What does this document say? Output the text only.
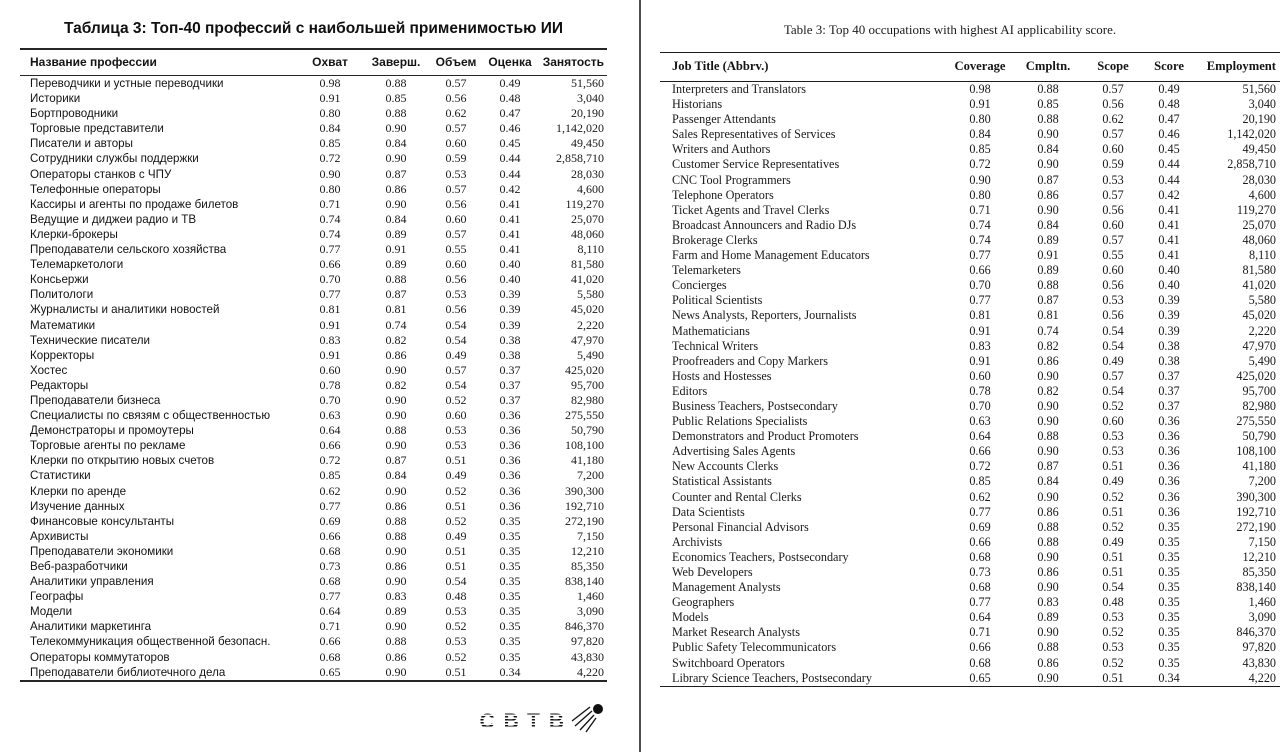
Таблица 3: Топ-40 профессий с наибольшей применимостью ИИ
Название профессии	Охват	Заверш.	Объем	Оценка	Занятость
Переводчики и устные переводчики	0.98	0.88	0.57	0.49	51,560
Историки	0.91	0.85	0.56	0.48	3,040
Бортпроводники	0.80	0.88	0.62	0.47	20,190
Торговые представители	0.84	0.90	0.57	0.46	1,142,020
Писатели и авторы	0.85	0.84	0.60	0.45	49,450
Сотрудники службы поддержки	0.72	0.90	0.59	0.44	2,858,710
Операторы станков с ЧПУ	0.90	0.87	0.53	0.44	28,030
Телефонные операторы	0.80	0.86	0.57	0.42	4,600
Кассиры и агенты по продаже билетов	0.71	0.90	0.56	0.41	119,270
Ведущие и диджеи радио и ТВ	0.74	0.84	0.60	0.41	25,070
Клерки-брокеры	0.74	0.89	0.57	0.41	48,060
Преподаватели сельского хозяйства	0.77	0.91	0.55	0.41	8,110
Телемаркетологи	0.66	0.89	0.60	0.40	81,580
Консьержи	0.70	0.88	0.56	0.40	41,020
Политологи	0.77	0.87	0.53	0.39	5,580
Журналисты и аналитики новостей	0.81	0.81	0.56	0.39	45,020
Математики	0.91	0.74	0.54	0.39	2,220
Технические писатели	0.83	0.82	0.54	0.38	47,970
Корректоры	0.91	0.86	0.49	0.38	5,490
Хостес	0.60	0.90	0.57	0.37	425,020
Редакторы	0.78	0.82	0.54	0.37	95,700
Преподаватели бизнеса	0.70	0.90	0.52	0.37	82,980
Специалисты по связям с общественностью	0.63	0.90	0.60	0.36	275,550
Демонстраторы и промоутеры	0.64	0.88	0.53	0.36	50,790
Торговые агенты по рекламе	0.66	0.90	0.53	0.36	108,100
Клерки по открытию новых счетов	0.72	0.87	0.51	0.36	41,180
Статистики	0.85	0.84	0.49	0.36	7,200
Клерки по аренде	0.62	0.90	0.52	0.36	390,300
Изучение данных	0.77	0.86	0.51	0.36	192,710
Финансовые консультанты	0.69	0.88	0.52	0.35	272,190
Архивисты	0.66	0.88	0.49	0.35	7,150
Преподаватели экономики	0.68	0.90	0.51	0.35	12,210
Веб-разработчики	0.73	0.86	0.51	0.35	85,350
Аналитики управления	0.68	0.90	0.54	0.35	838,140
Географы	0.77	0.83	0.48	0.35	1,460
Модели	0.64	0.89	0.53	0.35	3,090
Аналитики маркетинга	0.71	0.90	0.52	0.35	846,370
Телекоммуникация общественной безопасн.	0.66	0.88	0.53	0.35	97,820
Операторы коммутаторов	0.68	0.86	0.52	0.35	43,830
Преподаватели библиотечного дела	0.65	0.90	0.51	0.34	4,220
СВТВ
Table 3: Top 40 occupations with highest AI applicability score.
Job Title (Abbrv.)	Coverage	Cmpltn.	Scope	Score	Employment
Interpreters and Translators	0.98	0.88	0.57	0.49	51,560
Historians	0.91	0.85	0.56	0.48	3,040
Passenger Attendants	0.80	0.88	0.62	0.47	20,190
Sales Representatives of Services	0.84	0.90	0.57	0.46	1,142,020
Writers and Authors	0.85	0.84	0.60	0.45	49,450
Customer Service Representatives	0.72	0.90	0.59	0.44	2,858,710
CNC Tool Programmers	0.90	0.87	0.53	0.44	28,030
Telephone Operators	0.80	0.86	0.57	0.42	4,600
Ticket Agents and Travel Clerks	0.71	0.90	0.56	0.41	119,270
Broadcast Announcers and Radio DJs	0.74	0.84	0.60	0.41	25,070
Brokerage Clerks	0.74	0.89	0.57	0.41	48,060
Farm and Home Management Educators	0.77	0.91	0.55	0.41	8,110
Telemarketers	0.66	0.89	0.60	0.40	81,580
Concierges	0.70	0.88	0.56	0.40	41,020
Political Scientists	0.77	0.87	0.53	0.39	5,580
News Analysts, Reporters, Journalists	0.81	0.81	0.56	0.39	45,020
Mathematicians	0.91	0.74	0.54	0.39	2,220
Technical Writers	0.83	0.82	0.54	0.38	47,970
Proofreaders and Copy Markers	0.91	0.86	0.49	0.38	5,490
Hosts and Hostesses	0.60	0.90	0.57	0.37	425,020
Editors	0.78	0.82	0.54	0.37	95,700
Business Teachers, Postsecondary	0.70	0.90	0.52	0.37	82,980
Public Relations Specialists	0.63	0.90	0.60	0.36	275,550
Demonstrators and Product Promoters	0.64	0.88	0.53	0.36	50,790
Advertising Sales Agents	0.66	0.90	0.53	0.36	108,100
New Accounts Clerks	0.72	0.87	0.51	0.36	41,180
Statistical Assistants	0.85	0.84	0.49	0.36	7,200
Counter and Rental Clerks	0.62	0.90	0.52	0.36	390,300
Data Scientists	0.77	0.86	0.51	0.36	192,710
Personal Financial Advisors	0.69	0.88	0.52	0.35	272,190
Archivists	0.66	0.88	0.49	0.35	7,150
Economics Teachers, Postsecondary	0.68	0.90	0.51	0.35	12,210
Web Developers	0.73	0.86	0.51	0.35	85,350
Management Analysts	0.68	0.90	0.54	0.35	838,140
Geographers	0.77	0.83	0.48	0.35	1,460
Models	0.64	0.89	0.53	0.35	3,090
Market Research Analysts	0.71	0.90	0.52	0.35	846,370
Public Safety Telecommunicators	0.66	0.88	0.53	0.35	97,820
Switchboard Operators	0.68	0.86	0.52	0.35	43,830
Library Science Teachers, Postsecondary	0.65	0.90	0.51	0.34	4,220
